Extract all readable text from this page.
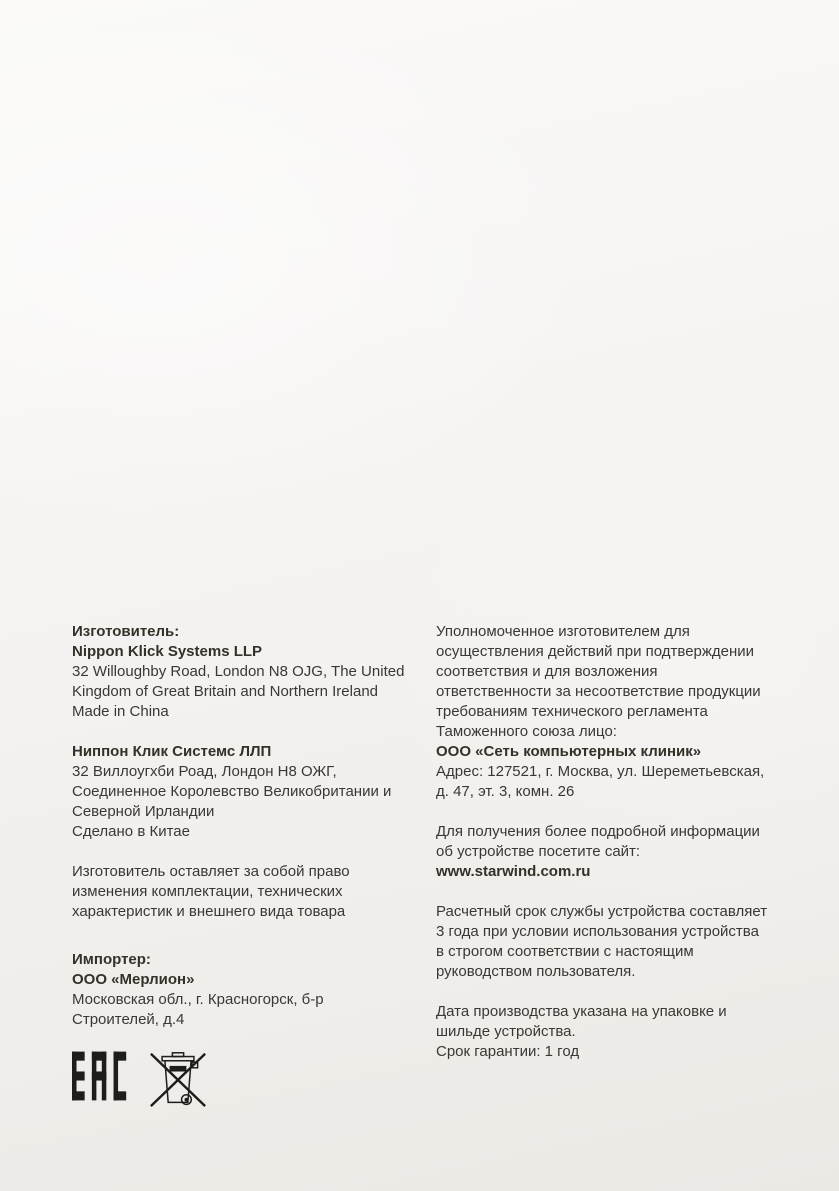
Изготовитель:
Nippon Klick Systems LLP
32 Willoughby Road, London N8 OJG, The United Kingdom of Great Britain and Northern Ireland
Made in China

Ниппон Клик Системс ЛЛП
32 Виллоугхби Роад, Лондон Н8 ОЖГ, Соединенное Королевство Великобритании и Северной Ирландии
Сделано в Китае

Изготовитель оставляет за собой право изменения комплектации, технических характеристик и внешнего вида товара

Импортер:
ООО «Мерлион»
Московская обл., г. Красногорск, б-р Строителей, д.4

Уполномоченное изготовителем для осуществления действий при подтверждении соответствия и для возложения ответственности за несоответствие продукции требованиям технического регламента Таможенного союза лицо:
ООО «Сеть компьютерных клиник»
Адрес: 127521, г. Москва, ул. Шереметьевская, д. 47, эт. 3, комн. 26

Для получения более подробной информации об устройстве посетите сайт:
www.starwind.com.ru

Расчетный срок службы устройства составляет 3 года при условии использования устройства в строгом соответствии с настоящим руководством пользователя.

Дата производства указана на упаковке и шильде устройства.
Срок гарантии: 1 год
